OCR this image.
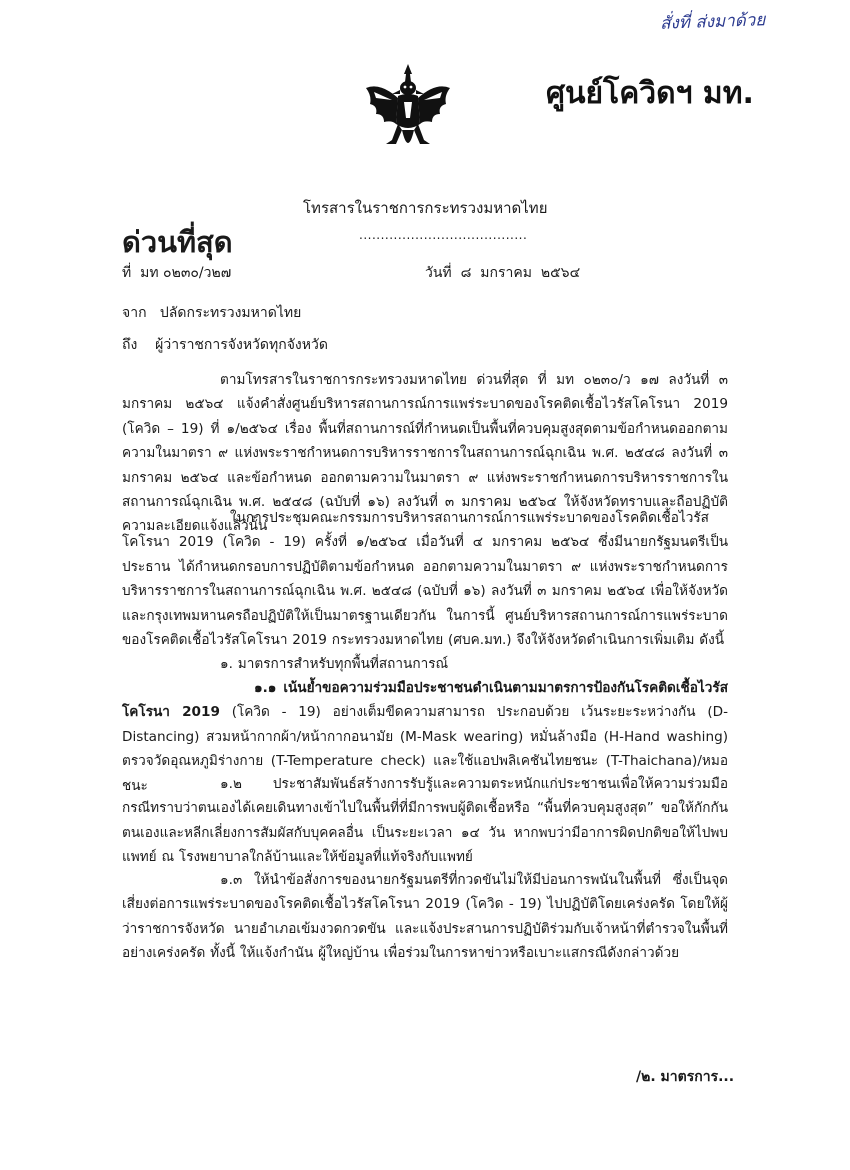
สั่งที่ ส่งมาด้วย
ศูนย์โควิดฯ มท.
โทรสารในราชการกระทรวงมหาดไทย
ด่วนที่สุด	.......................................
ที่ มท ๐๒๓๐/ว๒๗	วันที่ ๘  มกราคม  ๒๕๖๔
จาก ปลัดกระทรวงมหาดไทย
ถึง ผู้ว่าราชการจังหวัดทุกจังหวัด
ตามโทรสารในราชการกระทรวงมหาดไทย ด่วนที่สุด ที่ มท ๐๒๓๐/ว ๑๗ ลงวันที่ ๓ มกราคม ๒๕๖๔ แจ้งคำสั่งศูนย์บริหารสถานการณ์การแพร่ระบาดของโรคติดเชื้อไวรัสโคโรนา 2019 (โควิด – 19) ที่ ๑/๒๕๖๔ เรื่อง พื้นที่สถานการณ์ที่กำหนดเป็นพื้นที่ควบคุมสูงสุดตามข้อกำหนดออกตามความในมาตรา ๙ แห่งพระราชกำหนดการบริหารราชการในสถานการณ์ฉุกเฉิน พ.ศ. ๒๕๔๘ ลงวันที่ ๓ มกราคม ๒๕๖๔ และข้อกำหนด ออกตามความในมาตรา ๙ แห่งพระราชกำหนดการบริหารราชการในสถานการณ์ฉุกเฉิน พ.ศ. ๒๕๔๘ (ฉบับที่ ๑๖) ลงวันที่ ๓ มกราคม ๒๕๖๔ ให้จังหวัดทราบและถือปฏิบัติ ความละเอียดแจ้งแล้วนั้น
ในการประชุมคณะกรรมการบริหารสถานการณ์การแพร่ระบาดของโรคติดเชื้อไวรัสโคโรนา 2019 (โควิด - 19) ครั้งที่ ๑/๒๕๖๔ เมื่อวันที่ ๔ มกราคม ๒๕๖๔ ซึ่งมีนายกรัฐมนตรีเป็นประธาน ได้กำหนดกรอบการปฏิบัติตามข้อกำหนด ออกตามความในมาตรา ๙ แห่งพระราชกำหนดการบริหารราชการในสถานการณ์ฉุกเฉิน พ.ศ. ๒๕๔๘ (ฉบับที่ ๑๖) ลงวันที่ ๓ มกราคม ๒๕๖๔ เพื่อให้จังหวัดและกรุงเทพมหานครถือปฏิบัติให้เป็นมาตรฐานเดียวกัน ในการนี้ ศูนย์บริหารสถานการณ์การแพร่ระบาดของโรคติดเชื้อไวรัสโคโรนา 2019 กระทรวงมหาดไทย (ศบค.มท.) จึงให้จังหวัดดำเนินการเพิ่มเติม ดังนี้
๑. มาตรการสำหรับทุกพื้นที่สถานการณ์
๑.๑ เน้นย้ำขอความร่วมมือประชาชนดำเนินตามมาตรการป้องกันโรคติดเชื้อไวรัสโคโรนา 2019 (โควิด - 19) อย่างเต็มขีดความสามารถ ประกอบด้วย เว้นระยะระหว่างกัน (D-Distancing) สวมหน้ากากผ้า/หน้ากากอนามัย (M-Mask wearing) หมั่นล้างมือ (H-Hand washing) ตรวจวัดอุณหภูมิร่างกาย (T-Temperature check) และใช้แอปพลิเคชันไทยชนะ (T-Thaichana)/หมอชนะ	๑.๒ ประชาสัมพันธ์สร้างการรับรู้และความตระหนักแก่ประชาชนเพื่อให้ความร่วมมือ กรณีทราบว่าตนเองได้เคยเดินทางเข้าไปในพื้นที่ที่มีการพบผู้ติดเชื้อหรือ “พื้นที่ควบคุมสูงสุด” ขอให้กักกันตนเองและหลีกเลี่ยงการสัมผัสกับบุคคลอื่น เป็นระยะเวลา ๑๔ วัน หากพบว่ามีอาการผิดปกติขอให้ไปพบแพทย์ ณ โรงพยาบาลใกล้บ้านและให้ข้อมูลที่แท้จริงกับแพทย์
๑.๓ ให้นำข้อสั่งการของนายกรัฐมนตรีที่กวดขันไม่ให้มีบ่อนการพนันในพื้นที่ ซึ่งเป็นจุดเสี่ยงต่อการแพร่ระบาดของโรคติดเชื้อไวรัสโคโรนา 2019 (โควิด - 19) ไปปฏิบัติโดยเคร่งครัด โดยให้ผู้ว่าราชการจังหวัด นายอำเภอเข้มงวดกวดขัน และแจ้งประสานการปฏิบัติร่วมกับเจ้าหน้าที่ตำรวจในพื้นที่อย่างเคร่งครัด ทั้งนี้ ให้แจ้งกำนัน ผู้ใหญ่บ้าน เพื่อร่วมในการหาข่าวหรือเบาะแสกรณีดังกล่าวด้วย
/๒. มาตรการ...
